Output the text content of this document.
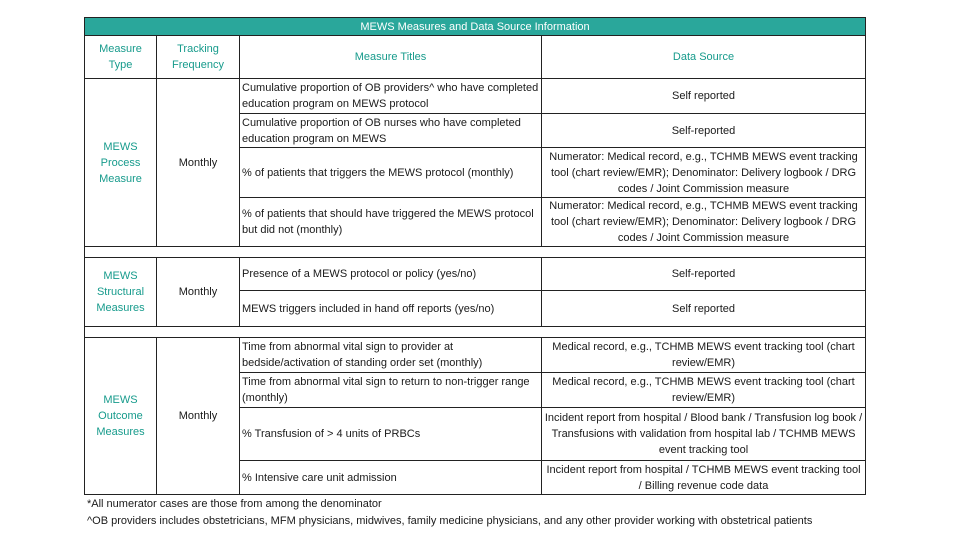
MEWS Measures and Data Source Information			
Measure Type	Tracking Frequency	Measure Titles	Data Source
MEWS Process Measure	Monthly	Cumulative proportion of OB providers^ who have completed education program on MEWS protocol	Self reported
		Cumulative proportion of OB nurses who have completed education program on MEWS	Self-reported
		% of patients that triggers the MEWS protocol (monthly)	Numerator: Medical record, e.g., TCHMB MEWS event tracking tool (chart review/EMR); Denominator: Delivery logbook / DRG codes / Joint Commission measure
		% of patients that should have triggered the MEWS protocol but did not (monthly)	Numerator: Medical record, e.g., TCHMB MEWS event tracking tool (chart review/EMR); Denominator: Delivery logbook / DRG codes / Joint Commission measure

MEWS Structural Measures	Monthly	Presence of a MEWS protocol or policy (yes/no)	Self-reported
		MEWS triggers included in hand off reports (yes/no)	Self reported

MEWS Outcome Measures	Monthly	Time from abnormal vital sign to provider at bedside/activation of standing order set (monthly)	Medical record, e.g., TCHMB MEWS event tracking tool (chart review/EMR)
		Time from abnormal vital sign to return to non-trigger range (monthly)	Medical record, e.g., TCHMB MEWS event tracking tool (chart review/EMR)
		% Transfusion of > 4 units of PRBCs	Incident report from hospital / Blood bank / Transfusion log book / Transfusions with validation from hospital lab / TCHMB MEWS event tracking tool
		% Intensive care unit admission	Incident report from hospital / TCHMB MEWS event tracking tool / Billing revenue code data
*All numerator cases are those from among the denominator
^OB providers includes obstetricians, MFM physicians, midwives, family medicine physicians, and any other provider working with obstetrical patients
